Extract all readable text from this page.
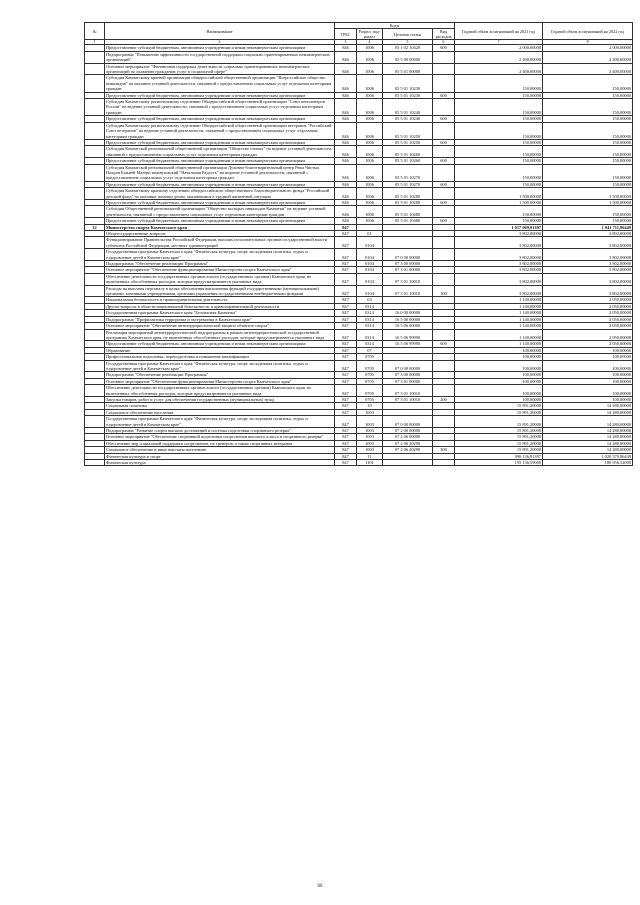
№	Наименование	Коды				Годовой объем ассигнований на 2021 год	Годовой объем ассигнований на 2022 год
		ГРБС	Раздел, под-раздел	Целевая статья	Вид расходов		
1	2	3	4	5	6	7	8
	Предоставление субсидий бюджетным, автономным учреждениям и иным некоммерческим организациям	846	1006	05 1 02 10420	600	2 000,00000	2 000,00000
	Подпрограмма "Повышение эффективности государственной поддержки социально ориентированных некоммерческих организаций"	846	1006	05 5 00 00000		2 400,00000	2 400,00000
	Основное мероприятие "Финансовая поддержка деятельности социально ориентированных некоммерческих организаций по оказанию гражданам услуг в социальной сфере"	846	1006	05 5 01 00000		2 400,00000	2 400,00000
	Субсидия Камчатскому краевой организации общероссийской общественной организации "Всероссийское общество инвалидов" на оказание уставной деятельности, связанной с предоставлением социальных услуг отдельным категориям граждан	846	1006	05 5 01 10230		150,00000	150,00000
	Предоставление субсидий бюджетным, автономным учреждениям и иным некоммерческим организациям	846	1006	05 5 01 10230	600	150,00000	150,00000
	Субсидия Камчатскому региональному отделению Общероссийской общественной организации "Союз пенсионеров России" на ведение уставной деятельности, связанной с предоставлением социальных услуг отдельным категориям граждан	846	1006	05 5 01 10240		150,00000	150,00000
	Предоставление субсидий бюджетным, автономным учреждениям и иным некоммерческим организациям	846	1006	05 5 01 10240	600	150,00000	150,00000
	Субсидия Камчатскому региональному отделению Общероссийской общественной организации ветеранов "Российский Союз ветеранов" на ведение уставной деятельности, связанной с предоставлением социальных услуг отдельным категориям граждан	846	1006	05 5 01 10250		150,00000	150,00000
	Предоставление субсидий бюджетным, автономным учреждениям и иным некоммерческим организациям	846	1006	05 5 01 10250	600	150,00000	150,00000
	Субсидия Камчатской региональной общественной организации "Общество слепых" на ведение уставной деятельности, связанной с предоставлением социальных услуг отдельным категориям граждан	846	1006	05 5 01 10260		150,00000	150,00000
	Предоставление субсидий бюджетным, автономным учреждениям и иным некоммерческим организациям	846	1006	05 5 01 10260	600	150,00000	150,00000
	Субсидия Камчатской региональной общественной организации Духовно-благотворительный центр Реки Чистых Покров Божией Матери межвузовский "Начальная Радость" на ведение уставной деятельности, связанной с предоставлением социальных услуг отдельным категориям граждан	846	1006	05 5 01 10270		150,00000	150,00000
	Предоставление субсидий бюджетным, автономным учреждениям и иным некоммерческим организациям	846	1006	05 5 01 10270	600	150,00000	150,00000
	Субсидия Камчатскому краевому отделению общероссийского общественного благотворительного фонда "Российский детский фонд" на оказание помощи детям, оказавшимся в трудной жизненной ситуации	846	1006	05 5 01 10280		1 500,00000	1 500,00000
	Предоставление субсидий бюджетным, автономным учреждениям и иным некоммерческим организациям	846	1006	05 5 01 10280	600	1 500,00000	1 500,00000
	Субсидия Общественной региональной организации "Общество молодых инвалидов Камчатки" на ведение уставной деятельности, связанной с предоставлением социальных услуг отдельным категориям граждан	846	1006	05 5 01 10480		150,00000	150,00000
	Предоставление субсидий бюджетным, автономным учреждениям и иным некоммерческим организациям	846	1006	05 5 01 10480	600	150,00000	150,00000
32	Министерство спорта Камчатского края	847				1 017 069,01397	1 041 711,86449
	Общегосударственные вопросы	847	01			3 802,00000	3 802,00000
	Функционирование Правительства Российской Федерации, высших исполнительных органов государственной власти субъектов Российской Федерации, местных администраций	847	0104			3 802,00000	3 802,00000
	Государственная программа Камчатского края "Физическая культура, спорт, молодежная политика, отдых и оздоровление детей в Камчатском крае"	847	0104	07 0 00 00000		3 802,00000	3 802,00000
	Подпрограмма "Обеспечение реализации Программы"	847	0104	07 3 00 00000		3 802,00000	3 802,00000
	Основное мероприятие "Обеспечение функционирования Министерства спорта Камчатского края"	847	0104	07 3 01 00000		3 802,00000	3 802,00000
	Обеспечение деятельности государственных органов власти (государственных органов) Камчатского края, не включенных обособленных расходов, которые предусматриваются указанных вида	847	0104	07 3 01 10010		3 802,00000	3 802,00000
	Расходы на выплаты персоналу в целях обеспечения выполнения функций государственными (муниципальными) органами, казенными учреждениями, органами управления государственными внебюджетными фондами	847	0104	07 3 01 10010	100	3 802,00000	3 802,00000
	Национальная безопасность и правоохранительная деятельность	847	03			1 140,00000	2 050,00000
	Другие вопросы в области национальной безопасности и правоохранительной деятельности	847	0314			1 140,00000	2 050,00000
	Государственная программа Камчатского края "Безопасная Камчатка"	847	0314	16 0 00 00000		1 140,00000	2 050,00000
	Подпрограмма "Профилактика терроризма и экстремизма в Камчатском крае"	847	0314	16 5 00 00000		1 140,00000	2 050,00000
	Основное мероприятие "Обеспечение антитеррористической защиты объектов спорта"	847	0314	16 5 06 00000		1 140,00000	2 050,00000
	Реализация мероприятий антитеррористической подпрограммы в рамках антитеррористической государственной программы Камчатского края, не включенных обособленных расходов, которые предусматриваются указанных вида	847	0314	16 5 06 99990		1 140,00000	2 050,00000
	Предоставление субсидий бюджетным, автономным учреждениям и иным некоммерческим организациям	847	0314	16 5 06 99990	600	1 140,00000	2 050,00000
	Образование	847	07			100,00000	100,00000
	Профессиональная подготовка, переподготовка и повышение квалификации	847	0705			100,00000	100,00000
	Государственная программа Камчатского края "Физическая культура, спорт, молодежная политика, отдых и оздоровление детей в Камчатском крае"	847	0705	07 0 00 00000		100,00000	100,00000
	Подпрограмма "Обеспечение реализации Программы"	847	0705	07 3 00 00000		100,00000	100,00000
	Основное мероприятие "Обеспечение функционирования Министерства спорта Камчатского края"	847	0705	07 3 01 00000		100,00000	100,00000
	Обеспечение деятельности государственных органов власти (государственных органов) Камчатского края, не включенных обособленных расходов, которые предусматриваются указанных вида	847	0705	07 3 01 10010		100,00000	100,00000
	Закупка товаров, работ и услуг для обеспечения государственных (муниципальных) нужд	847	0705	07 3 01 10010	200	100,00000	100,00000
	Социальная политика	847	10			15 891,20000	14 280,00000
	Социальное обеспечение населения	847	1003			15 891,20000	14 280,00000
	Государственная программа Камчатского края "Физическая культура, спорт, молодежная политика, отдых и оздоровление детей в Камчатском крае"	847	1003	07 0 00 00000		15 891,20000	14 280,00000
	Подпрограмма "Развитие спорта высших достижений и системы подготовки спортивного резерва"	847	1003	07 2 00 00000		15 891,20000	14 280,00000
	Основное мероприятие "Обеспечение спортивной подготовки спортсменов высокого класса и спортивного резерва"	847	1003	07 2 06 00000		15 891,20000	14 280,00000
	Обеспечение мер социальной поддержки спортсменов, их тренеров, а также спортивных ветеранов	847	1003	07 2 06 20290		15 891,20000	14 280,00000
	Социальное обеспечение и иные выплаты населению	847	1003	07 2 06 20290	300	15 891,20000	14 280,00000
	Физическая культура и спорт	847	11			996 136,81397	1 020 379,86449
	Физическая культура	847	1101			195 136,59000	180 956,52000
60
